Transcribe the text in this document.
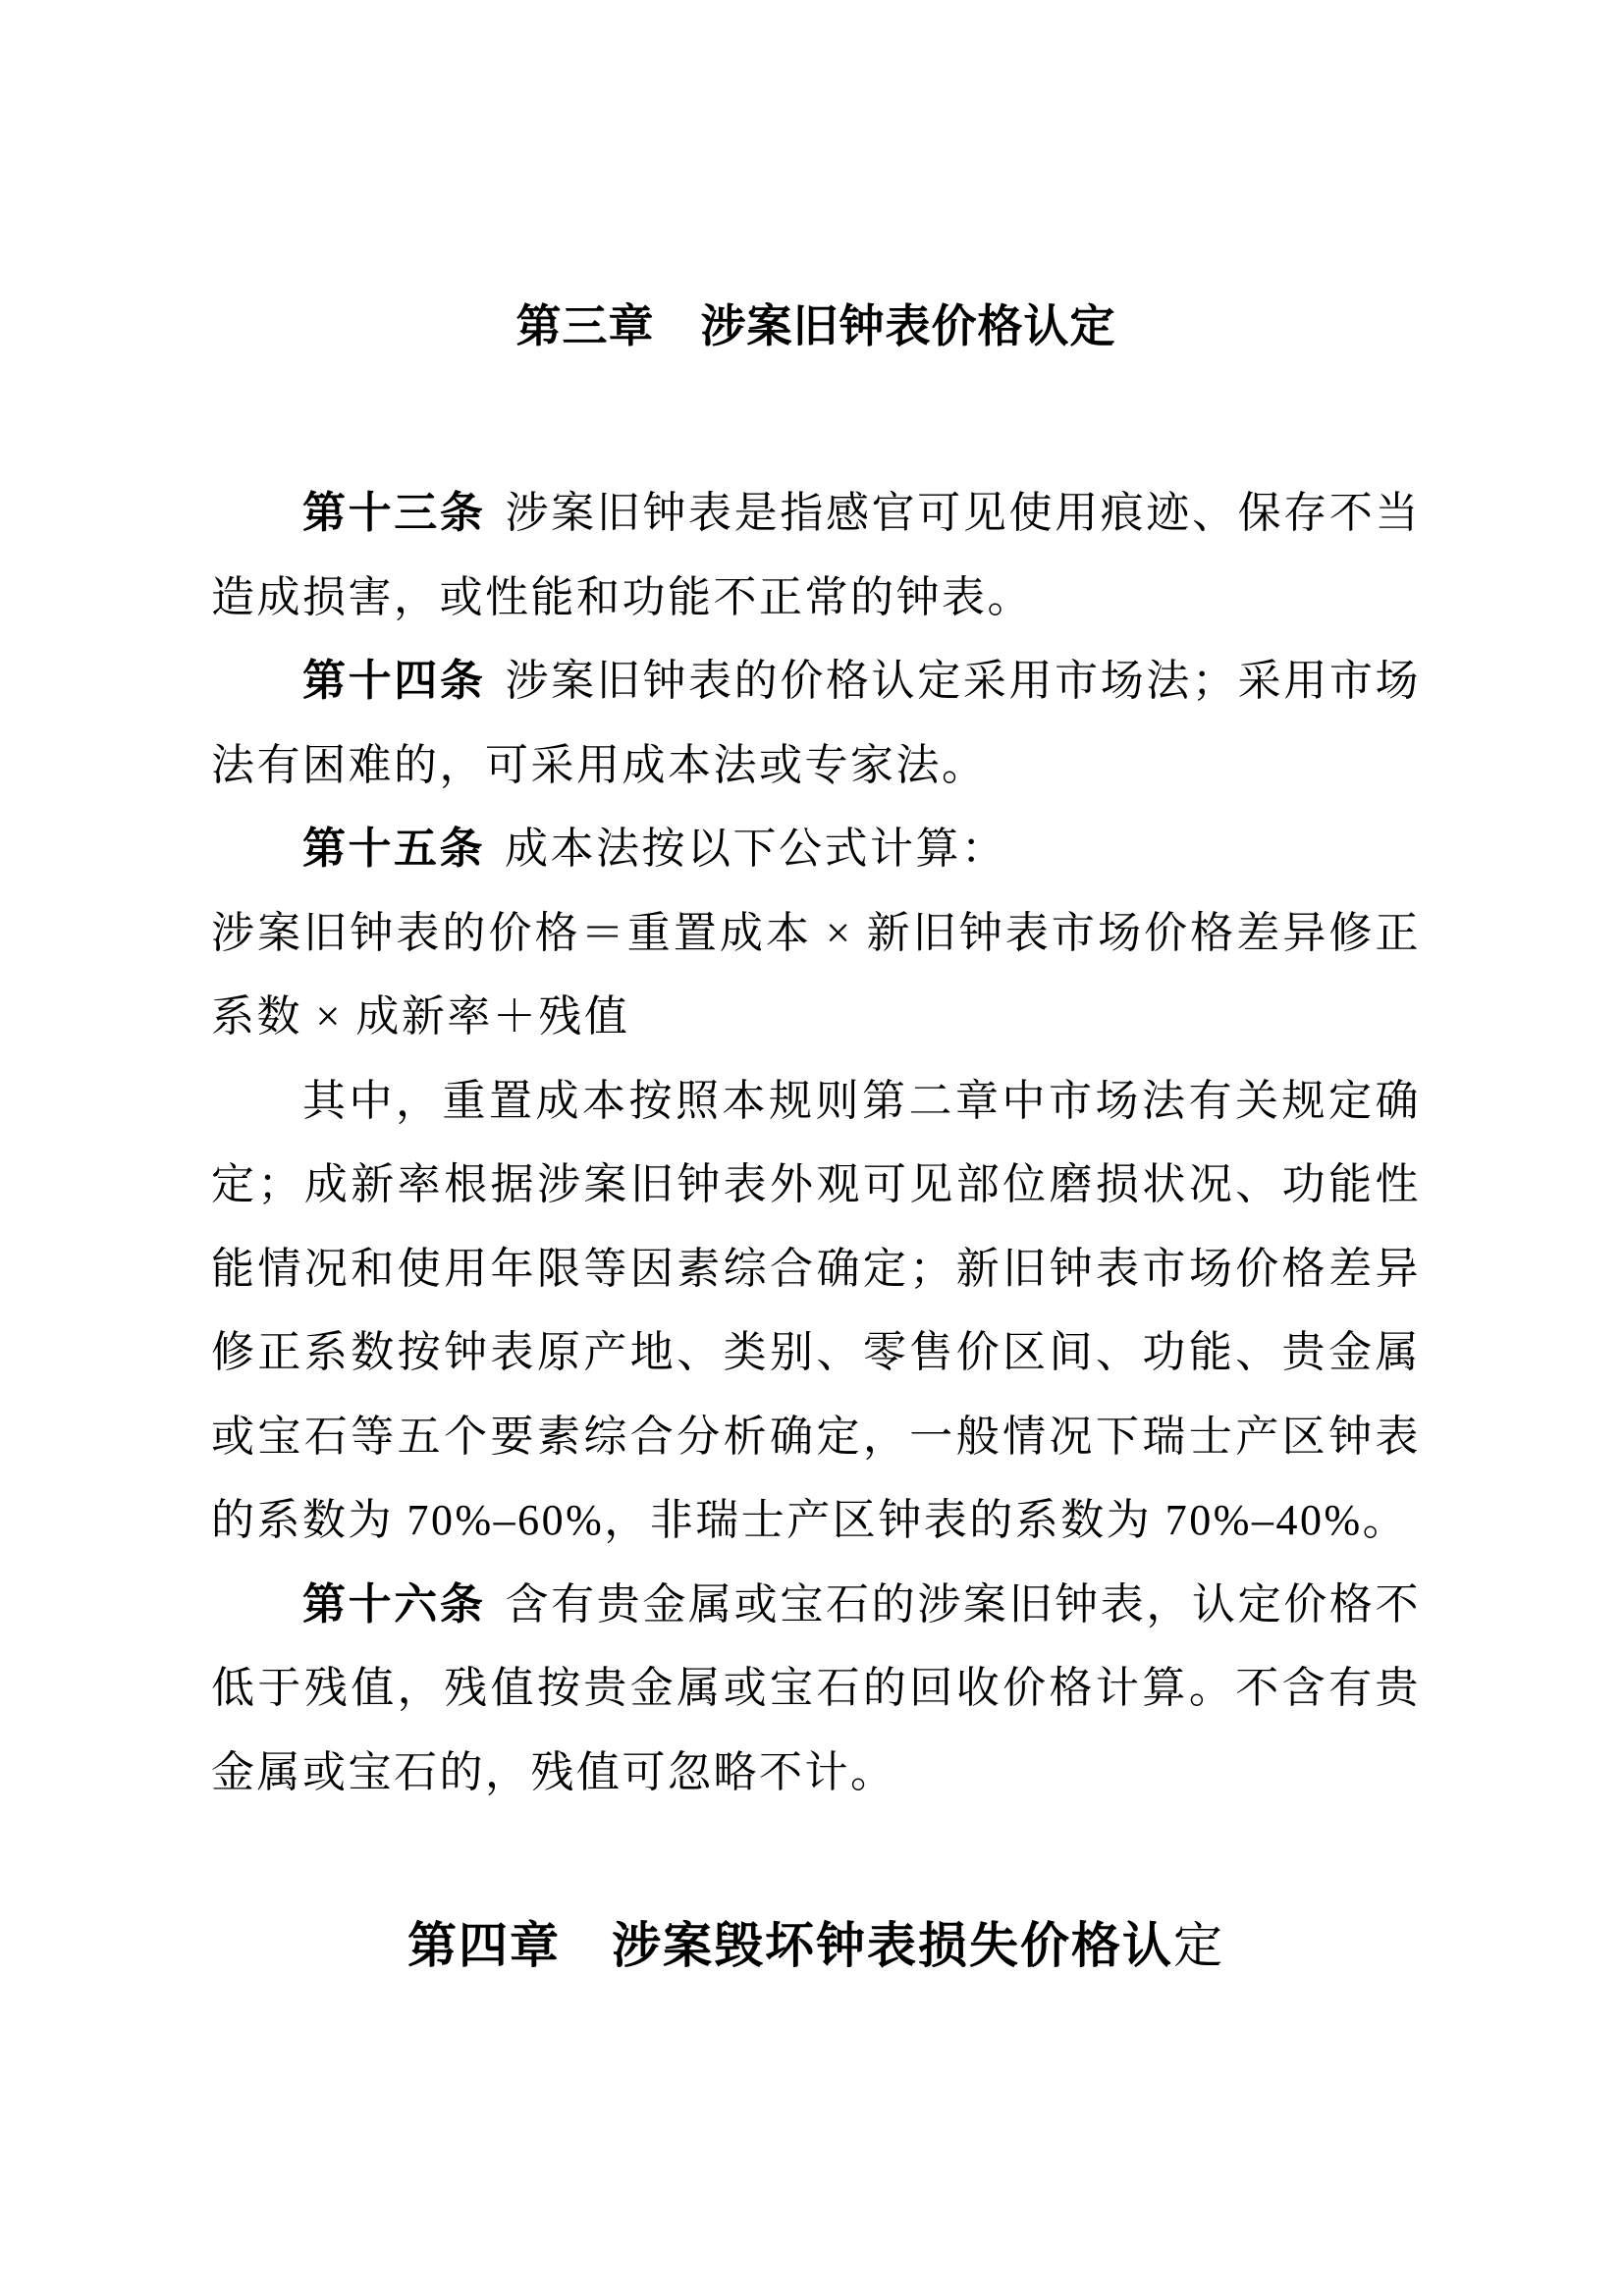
第三章　涉案旧钟表价格认定

第十三条 涉案旧钟表是指感官可见使用痕迹、保存不当造成损害，或性能和功能不正常的钟表。

第十四条 涉案旧钟表的价格认定采用市场法；采用市场法有困难的，可采用成本法或专家法。

第十五条 成本法按以下公式计算：

涉案旧钟表的价格＝重置成本 × 新旧钟表市场价格差异修正系数 × 成新率＋残值

其中，重置成本按照本规则第二章中市场法有关规定确定；成新率根据涉案旧钟表外观可见部位磨损状况、功能性能情况和使用年限等因素综合确定；新旧钟表市场价格差异修正系数按钟表原产地、类别、零售价区间、功能、贵金属或宝石等五个要素综合分析确定，一般情况下瑞士产区钟表的系数为 70%–60%，非瑞士产区钟表的系数为 70%–40%。

第十六条 含有贵金属或宝石的涉案旧钟表，认定价格不低于残值，残值按贵金属或宝石的回收价格计算。不含有贵金属或宝石的，残值可忽略不计。

第四章　涉案毁坏钟表损失价格认定
